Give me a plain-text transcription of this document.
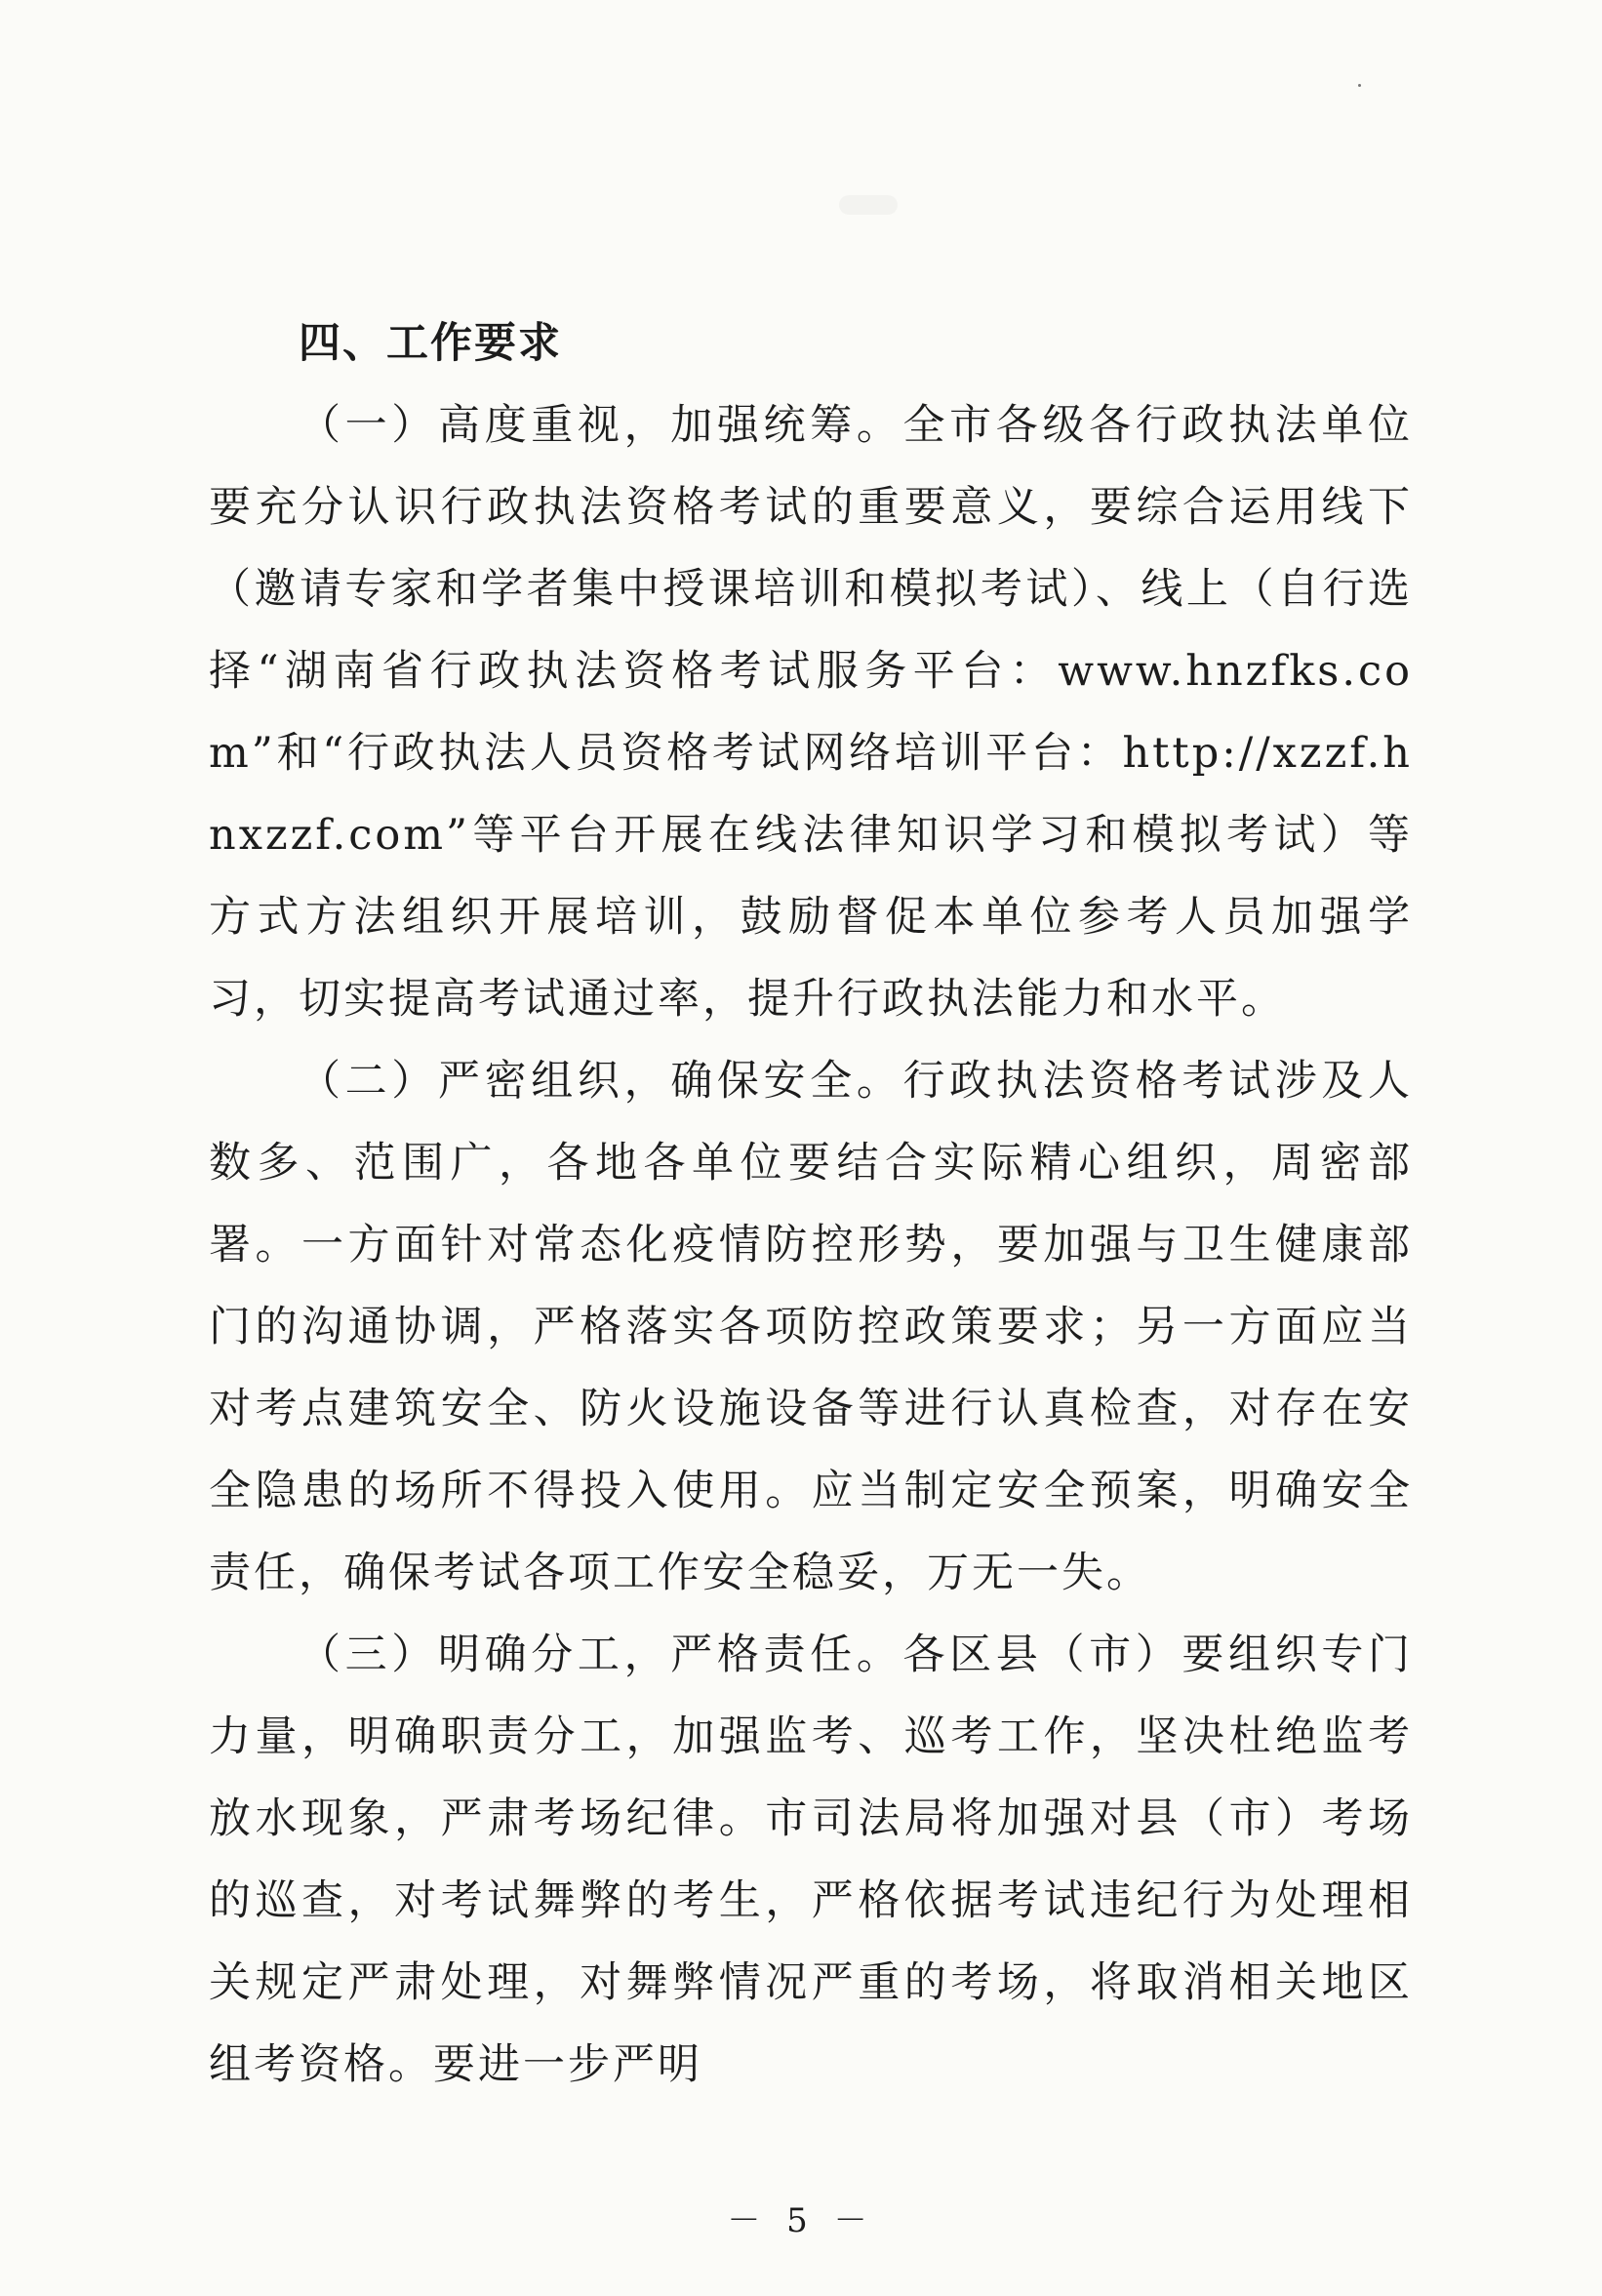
四、工作要求

（一）高度重视，加强统筹。全市各级各行政执法单位要充分认识行政执法资格考试的重要意义，要综合运用线下（邀请专家和学者集中授课培训和模拟考试）、线上（自行选择“湖南省行政执法资格考试服务平台：www.hnzfks.com”和“行政执法人员资格考试网络培训平台：http://xzzf.hnxzzf.com”等平台开展在线法律知识学习和模拟考试）等方式方法组织开展培训，鼓励督促本单位参考人员加强学习，切实提高考试通过率，提升行政执法能力和水平。

（二）严密组织，确保安全。行政执法资格考试涉及人数多、范围广，各地各单位要结合实际精心组织，周密部署。一方面针对常态化疫情防控形势，要加强与卫生健康部门的沟通协调，严格落实各项防控政策要求；另一方面应当对考点建筑安全、防火设施设备等进行认真检查，对存在安全隐患的场所不得投入使用。应当制定安全预案，明确安全责任，确保考试各项工作安全稳妥，万无一失。

（三）明确分工，严格责任。各区县（市）要组织专门力量，明确职责分工，加强监考、巡考工作，坚决杜绝监考放水现象，严肃考场纪律。市司法局将加强对县（市）考场的巡查，对考试舞弊的考生，严格依据考试违纪行为处理相关规定严肃处理，对舞弊情况严重的考场，将取消相关地区组考资格。要进一步严明

－ 5 －
